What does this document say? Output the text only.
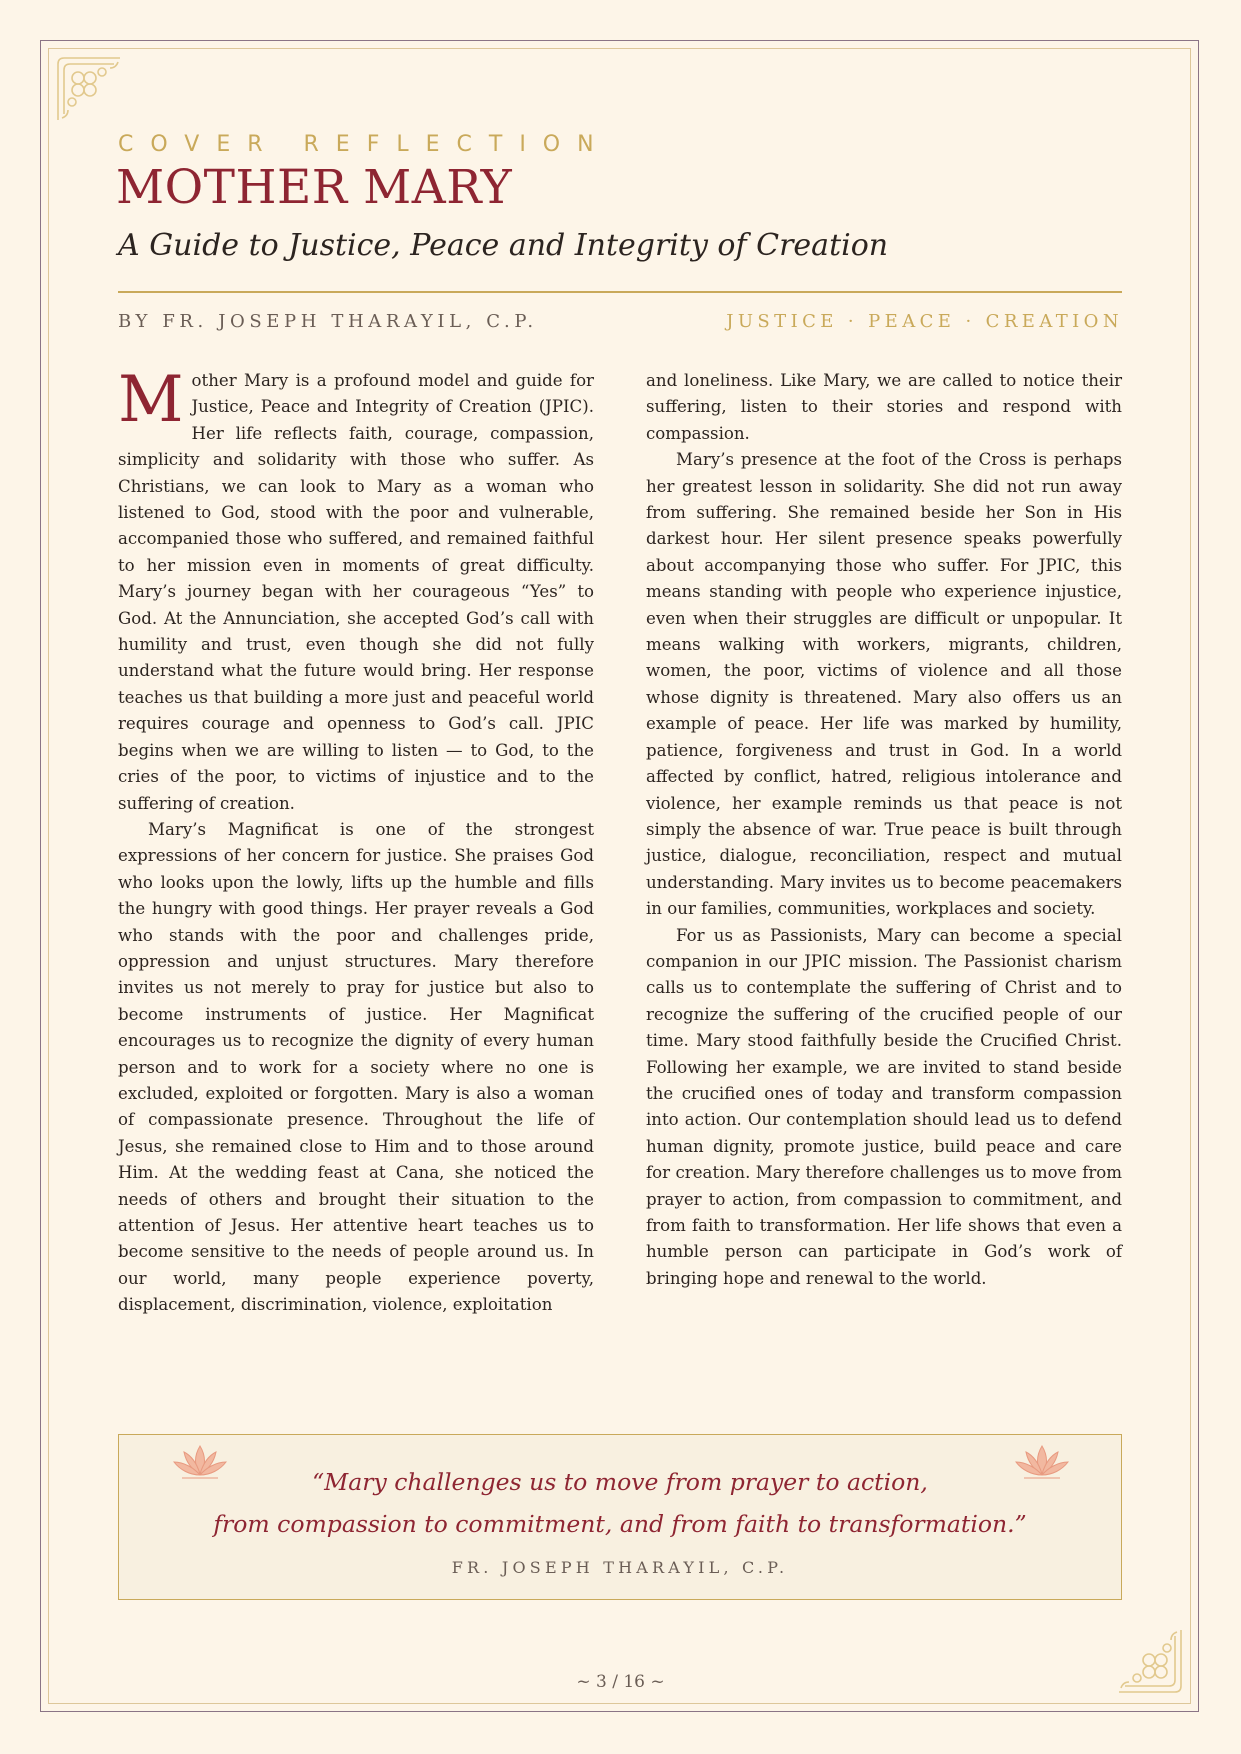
COVER REFLECTION
MOTHER MARY
A Guide to Justice, Peace and Integrity of Creation
BY FR. JOSEPH THARAYIL, C.P.	JUSTICE · PEACE · CREATION

Mother Mary is a profound model and guide for Justice, Peace and Integrity of Creation (JPIC). Her life reflects faith, courage, compassion, simplicity and solidarity with those who suffer. As Christians, we can look to Mary as a woman who listened to God, stood with the poor and vulnerable, accompanied those who suffered, and remained faithful to her mission even in moments of great difficulty. Mary’s journey began with her courageous “Yes” to God. At the Annunciation, she accepted God’s call with humility and trust, even though she did not fully understand what the future would bring. Her response teaches us that building a more just and peaceful world requires courage and openness to God’s call. JPIC begins when we are willing to listen — to God, to the cries of the poor, to victims of injustice and to the suffering of creation.

Mary’s Magnificat is one of the strongest expressions of her concern for justice. She praises God who looks upon the lowly, lifts up the humble and fills the hungry with good things. Her prayer reveals a God who stands with the poor and challenges pride, oppression and unjust structures. Mary therefore invites us not merely to pray for justice but also to become instruments of justice. Her Magnificat encourages us to recognize the dignity of every human person and to work for a society where no one is excluded, exploited or forgotten. Mary is also a woman of compassionate presence. Throughout the life of Jesus, she remained close to Him and to those around Him. At the wedding feast at Cana, she noticed the needs of others and brought their situation to the attention of Jesus. Her attentive heart teaches us to become sensitive to the needs of people around us. In our world, many people experience poverty, displacement, discrimination, violence, exploitation

and loneliness. Like Mary, we are called to notice their suffering, listen to their stories and respond with compassion.

Mary’s presence at the foot of the Cross is perhaps her greatest lesson in solidarity. She did not run away from suffering. She remained beside her Son in His darkest hour. Her silent presence speaks powerfully about accompanying those who suffer. For JPIC, this means standing with people who experience injustice, even when their struggles are difficult or unpopular. It means walking with workers, migrants, children, women, the poor, victims of violence and all those whose dignity is threatened. Mary also offers us an example of peace. Her life was marked by humility, patience, forgiveness and trust in God. In a world affected by conflict, hatred, religious intolerance and violence, her example reminds us that peace is not simply the absence of war. True peace is built through justice, dialogue, reconciliation, respect and mutual understanding. Mary invites us to become peacemakers in our families, communities, workplaces and society.

For us as Passionists, Mary can become a special companion in our JPIC mission. The Passionist charism calls us to contemplate the suffering of Christ and to recognize the suffering of the crucified people of our time. Mary stood faithfully beside the Crucified Christ. Following her example, we are invited to stand beside the crucified ones of today and transform compassion into action. Our contemplation should lead us to defend human dignity, promote justice, build peace and care for creation. Mary therefore challenges us to move from prayer to action, from compassion to commitment, and from faith to transformation. Her life shows that even a humble person can participate in God’s work of bringing hope and renewal to the world.

“Mary challenges us to move from prayer to action,
from compassion to commitment, and from faith to transformation.”
FR. JOSEPH THARAYIL, C.P.
~ 3 / 16 ~
